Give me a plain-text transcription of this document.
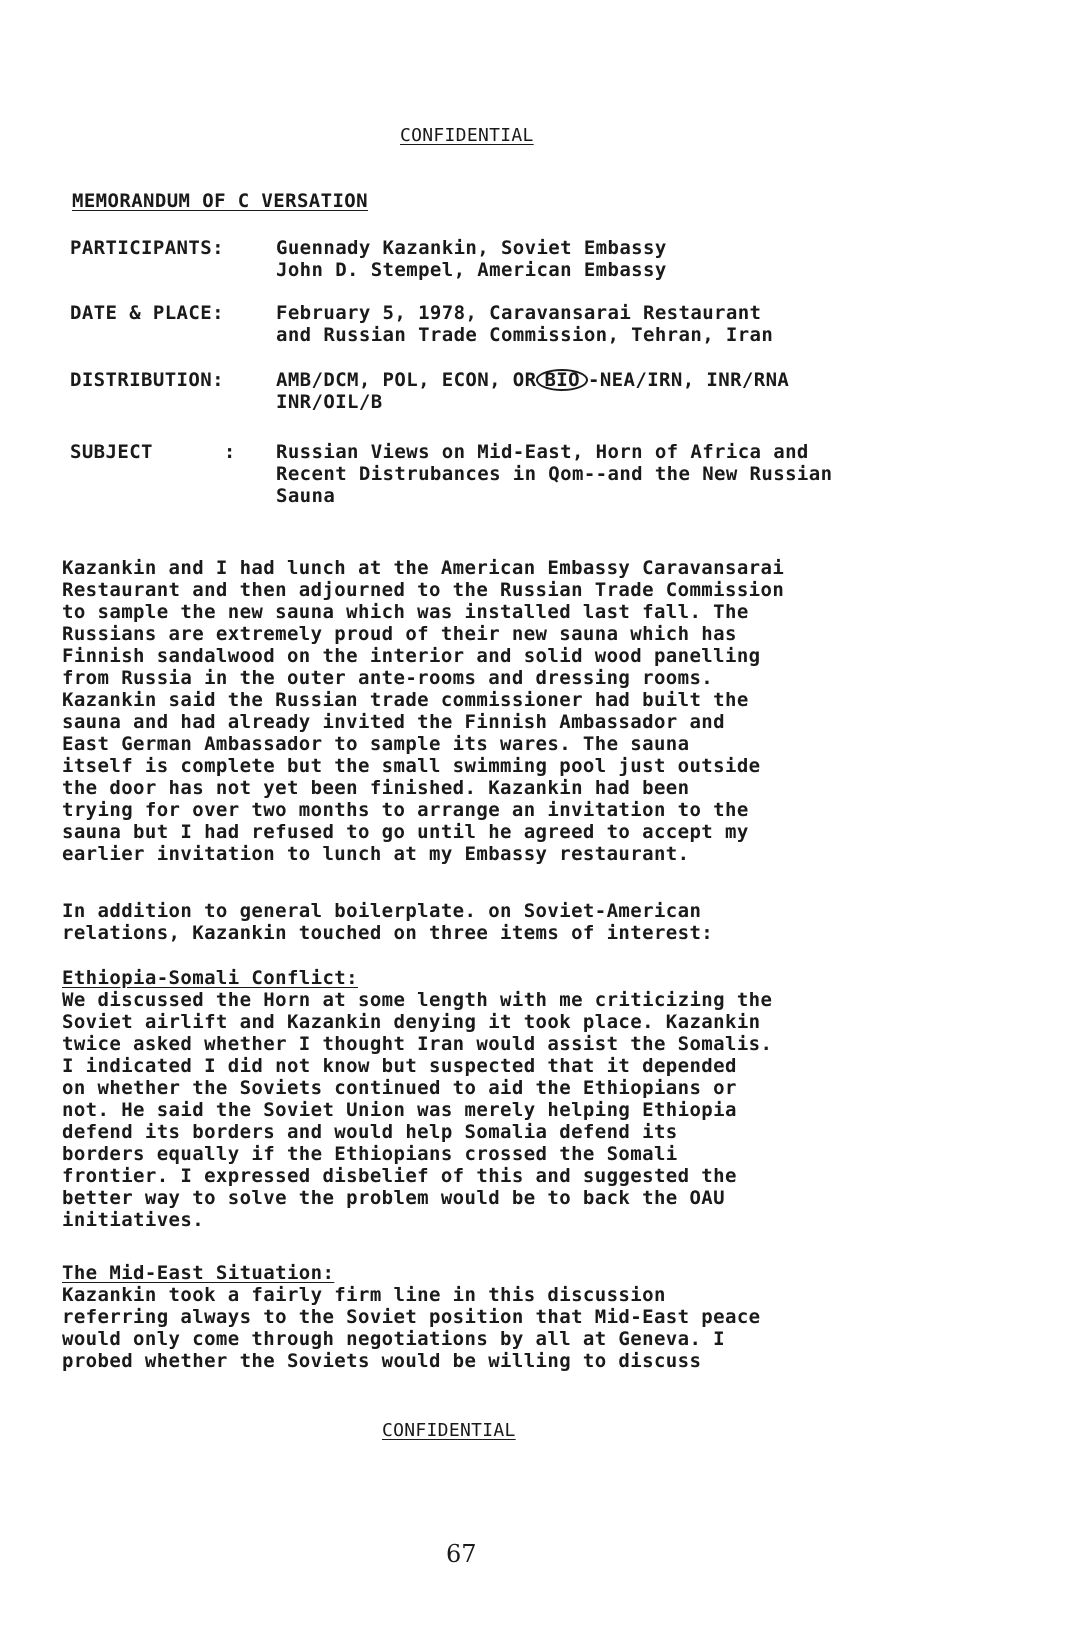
CONFIDENTIAL
MEMORANDUM OF C VERSATION
PARTICIPANTS:	Guennady Kazankin, Soviet Embassy
John D. Stempel, American Embassy
DATE & PLACE:	February 5, 1978, Caravansarai Restaurant
and Russian Trade Commission, Tehran, Iran
DISTRIBUTION:	AMB/DCM, POL, ECON, OR BIO -NEA/IRN, INR/RNA
INR/OIL/B
SUBJECT      :	Russian Views on Mid-East, Horn of Africa and
Recent Distrubances in Qom--and the New Russian
Sauna

Kazankin and I had lunch at the American Embassy Caravansarai
Restaurant and then adjourned to the Russian Trade Commission
to sample the new sauna which was installed last fall. The
Russians are extremely proud of their new sauna which has
Finnish sandalwood on the interior and solid wood panelling
from Russia in the outer ante-rooms and dressing rooms.
Kazankin said the Russian trade commissioner had built the
sauna and had already invited the Finnish Ambassador and
East German Ambassador to sample its wares. The sauna
itself is complete but the small swimming pool just outside
the door has not yet been finished. Kazankin had been
trying for over two months to arrange an invitation to the
sauna but I had refused to go until he agreed to accept my
earlier invitation to lunch at my Embassy restaurant.

In addition to general boilerplate. on Soviet-American
relations, Kazankin touched on three items of interest:

Ethiopia-Somali Conflict:

We discussed the Horn at some length with me criticizing the
Soviet airlift and Kazankin denying it took place. Kazankin
twice asked whether I thought Iran would assist the Somalis.
I indicated I did not know but suspected that it depended
on whether the Soviets continued to aid the Ethiopians or
not. He said the Soviet Union was merely helping Ethiopia
defend its borders and would help Somalia defend its
borders equally if the Ethiopians crossed the Somali
frontier. I expressed disbelief of this and suggested the
better way to solve the problem would be to back the OAU
initiatives.

The Mid-East Situation:

Kazankin took a fairly firm line in this discussion
referring always to the Soviet position that Mid-East peace
would only come through negotiations by all at Geneva. I
probed whether the Soviets would be willing to discuss

CONFIDENTIAL
67
